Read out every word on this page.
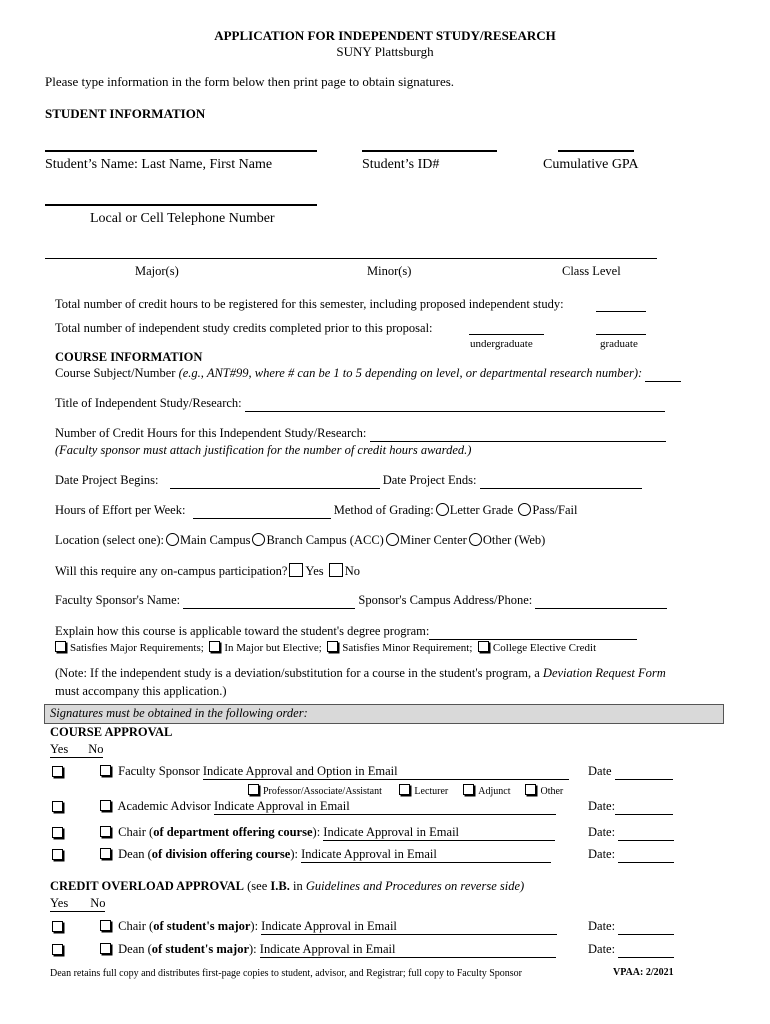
APPLICATION FOR INDEPENDENT STUDY/RESEARCH
SUNY Plattsburgh
Please type information in the form below then print page to obtain signatures.
STUDENT INFORMATION
Student’s Name: Last Name, First Name	Student’s ID#	Cumulative GPA
Local or Cell Telephone Number
Major(s)	Minor(s)	Class Level
Total number of credit hours to be registered for this semester, including proposed independent study:
Total number of independent study credits completed prior to this proposal:
undergraduate	graduate
COURSE INFORMATION
Course Subject/Number (e.g., ANT#99, where # can be 1 to 5 depending on level, or departmental research number):
Title of Independent Study/Research:
Number of Credit Hours for this Independent Study/Research:
(Faculty sponsor must attach justification for the number of credit hours awarded.)
Date Project Begins:	Date Project Ends:
Hours of Effort per Week:	Method of Grading: Letter Grade Pass/Fail
Location (select one): Main Campus Branch Campus (ACC) Miner Center Other (Web)
Will this require any on-campus participation? Yes No
Faculty Sponsor's Name:	Sponsor's Campus Address/Phone:
Explain how this course is applicable toward the student's degree program:
Satisfies Major Requirements; In Major but Elective; Satisfies Minor Requirement; College Elective Credit
(Note: If the independent study is a deviation/substitution for a course in the student's program, a Deviation Request Form
must accompany this application.)
Signatures must be obtained in the following order:
COURSE APPROVAL
Yes No
Faculty Sponsor Indicate Approval and Option in Email	Date
Professor/Associate/Assistant	Lecturer	Adjunct	Other
Academic Advisor Indicate Approval in Email	Date:
Chair (of department offering course): Indicate Approval in Email	Date:
Dean (of division offering course): Indicate Approval in Email	Date:
CREDIT OVERLOAD APPROVAL (see I.B. in Guidelines and Procedures on reverse side)
Yes No
Chair (of student's major): Indicate Approval in Email	Date:
Dean (of student's major): Indicate Approval in Email	Date:
Dean retains full copy and distributes first-page copies to student, advisor, and Registrar; full copy to Faculty Sponsor	VPAA: 2/2021
